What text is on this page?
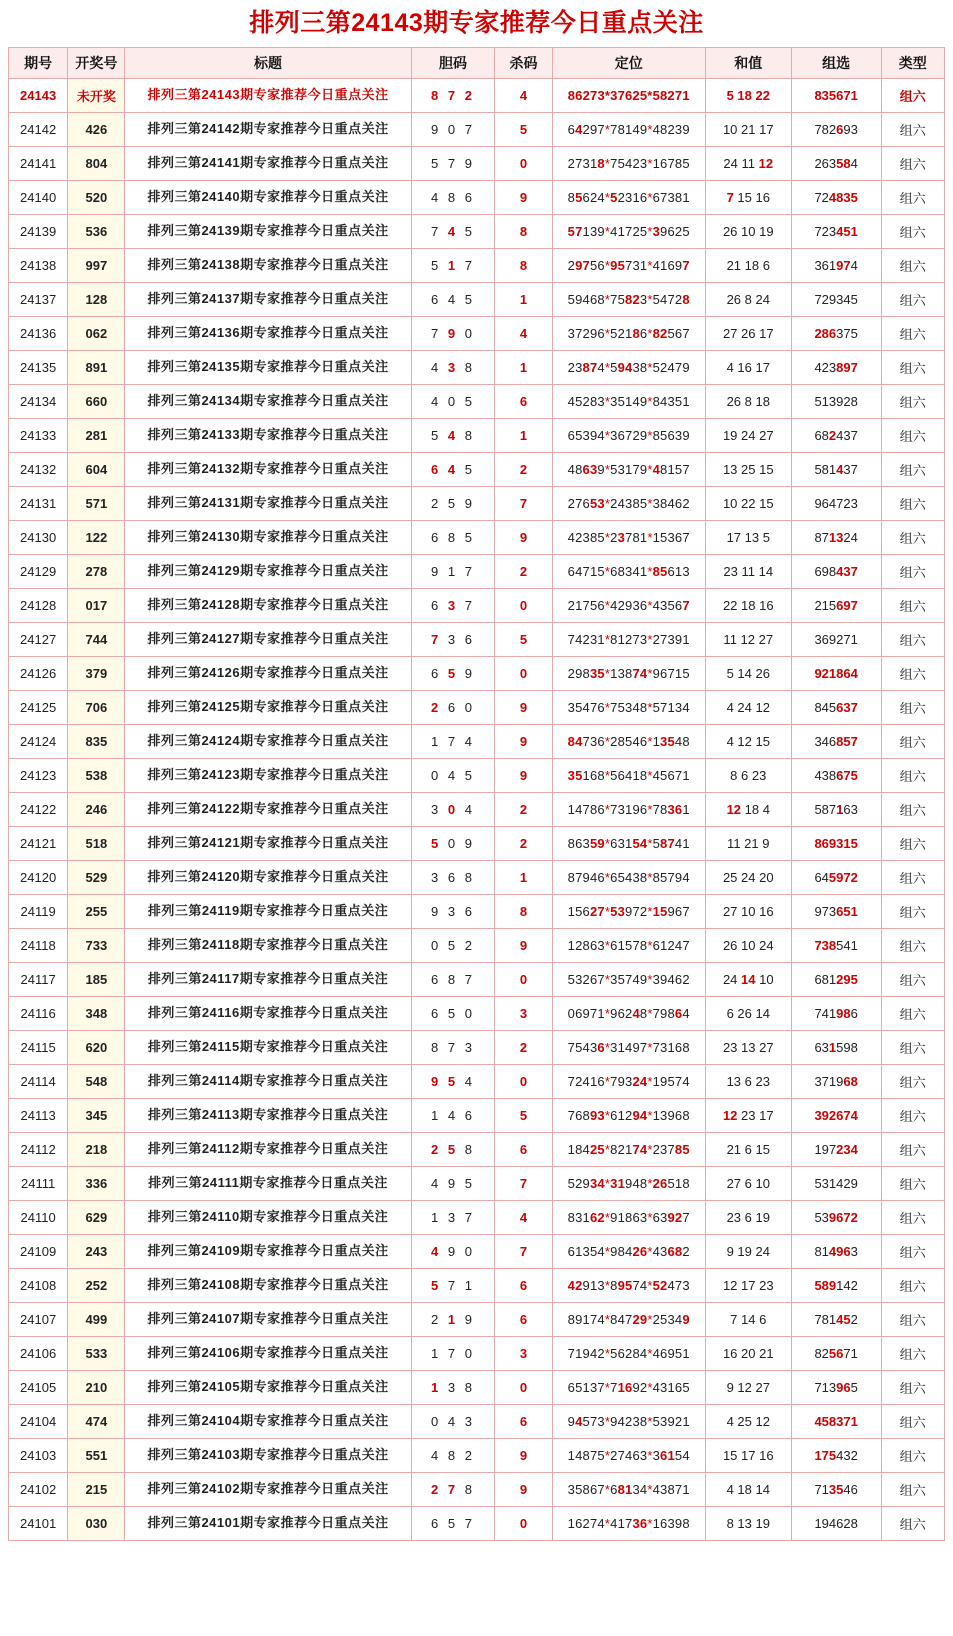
排列三第24143期专家推荐今日重点关注
期号	开奖号	标题	胆码	杀码	定位	和值	组选	类型
24143	未开奖	排列三第24143期专家推荐今日重点关注	8 7 2	4	86273*37625*58271	5 18 22	835671	组六
24142	426	排列三第24142期专家推荐今日重点关注	9 0 7	5	64297*78149*48239	10 21 17	782693	组六
24141	804	排列三第24141期专家推荐今日重点关注	5 7 9	0	27318*75423*16785	24 11 12	263584	组六
24140	520	排列三第24140期专家推荐今日重点关注	4 8 6	9	85624*52316*67381	7 15 16	724835	组六
24139	536	排列三第24139期专家推荐今日重点关注	7 4 5	8	57139*41725*39625	26 10 19	723451	组六
24138	997	排列三第24138期专家推荐今日重点关注	5 1 7	8	29756*95731*41697	21 18 6	361974	组六
24137	128	排列三第24137期专家推荐今日重点关注	6 4 5	1	59468*75823*54728	26 8 24	729345	组六
24136	062	排列三第24136期专家推荐今日重点关注	7 9 0	4	37296*52186*82567	27 26 17	286375	组六
24135	891	排列三第24135期专家推荐今日重点关注	4 3 8	1	23874*59438*52479	4 16 17	423897	组六
24134	660	排列三第24134期专家推荐今日重点关注	4 0 5	6	45283*35149*84351	26 8 18	513928	组六
24133	281	排列三第24133期专家推荐今日重点关注	5 4 8	1	65394*36729*85639	19 24 27	682437	组六
24132	604	排列三第24132期专家推荐今日重点关注	6 4 5	2	48639*53179*48157	13 25 15	581437	组六
24131	571	排列三第24131期专家推荐今日重点关注	2 5 9	7	27653*24385*38462	10 22 15	964723	组六
24130	122	排列三第24130期专家推荐今日重点关注	6 8 5	9	42385*23781*15367	17 13 5	871324	组六
24129	278	排列三第24129期专家推荐今日重点关注	9 1 7	2	64715*68341*85613	23 11 14	698437	组六
24128	017	排列三第24128期专家推荐今日重点关注	6 3 7	0	21756*42936*43567	22 18 16	215697	组六
24127	744	排列三第24127期专家推荐今日重点关注	7 3 6	5	74231*81273*27391	11 12 27	369271	组六
24126	379	排列三第24126期专家推荐今日重点关注	6 5 9	0	29835*13874*96715	5 14 26	921864	组六
24125	706	排列三第24125期专家推荐今日重点关注	2 6 0	9	35476*75348*57134	4 24 12	845637	组六
24124	835	排列三第24124期专家推荐今日重点关注	1 7 4	9	84736*28546*13548	4 12 15	346857	组六
24123	538	排列三第24123期专家推荐今日重点关注	0 4 5	9	35168*56418*45671	8 6 23	438675	组六
24122	246	排列三第24122期专家推荐今日重点关注	3 0 4	2	14786*73196*78361	12 18 4	587163	组六
24121	518	排列三第24121期专家推荐今日重点关注	5 0 9	2	86359*63154*58741	11 21 9	869315	组六
24120	529	排列三第24120期专家推荐今日重点关注	3 6 8	1	87946*65438*85794	25 24 20	645972	组六
24119	255	排列三第24119期专家推荐今日重点关注	9 3 6	8	15627*53972*15967	27 10 16	973651	组六
24118	733	排列三第24118期专家推荐今日重点关注	0 5 2	9	12863*61578*61247	26 10 24	738541	组六
24117	185	排列三第24117期专家推荐今日重点关注	6 8 7	0	53267*35749*39462	24 14 10	681295	组六
24116	348	排列三第24116期专家推荐今日重点关注	6 5 0	3	06971*96248*79864	6 26 14	741986	组六
24115	620	排列三第24115期专家推荐今日重点关注	8 7 3	2	75436*31497*73168	23 13 27	631598	组六
24114	548	排列三第24114期专家推荐今日重点关注	9 5 4	0	72416*79324*19574	13 6 23	371968	组六
24113	345	排列三第24113期专家推荐今日重点关注	1 4 6	5	76893*61294*13968	12 23 17	392674	组六
24112	218	排列三第24112期专家推荐今日重点关注	2 5 8	6	18425*82174*23785	21 6 15	197234	组六
24111	336	排列三第24111期专家推荐今日重点关注	4 9 5	7	52934*31948*26518	27 6 10	531429	组六
24110	629	排列三第24110期专家推荐今日重点关注	1 3 7	4	83162*91863*63927	23 6 19	539672	组六
24109	243	排列三第24109期专家推荐今日重点关注	4 9 0	7	61354*98426*43682	9 19 24	814963	组六
24108	252	排列三第24108期专家推荐今日重点关注	5 7 1	6	42913*89574*52473	12 17 23	589142	组六
24107	499	排列三第24107期专家推荐今日重点关注	2 1 9	6	89174*84729*25349	7 14 6	781452	组六
24106	533	排列三第24106期专家推荐今日重点关注	1 7 0	3	71942*56284*46951	16 20 21	825671	组六
24105	210	排列三第24105期专家推荐今日重点关注	1 3 8	0	65137*71692*43165	9 12 27	713965	组六
24104	474	排列三第24104期专家推荐今日重点关注	0 4 3	6	94573*94238*53921	4 25 12	458371	组六
24103	551	排列三第24103期专家推荐今日重点关注	4 8 2	9	14875*27463*36154	15 17 16	175432	组六
24102	215	排列三第24102期专家推荐今日重点关注	2 7 8	9	35867*68134*43871	4 18 14	713546	组六
24101	030	排列三第24101期专家推荐今日重点关注	6 5 7	0	16274*41736*16398	8 13 19	194628	组六
